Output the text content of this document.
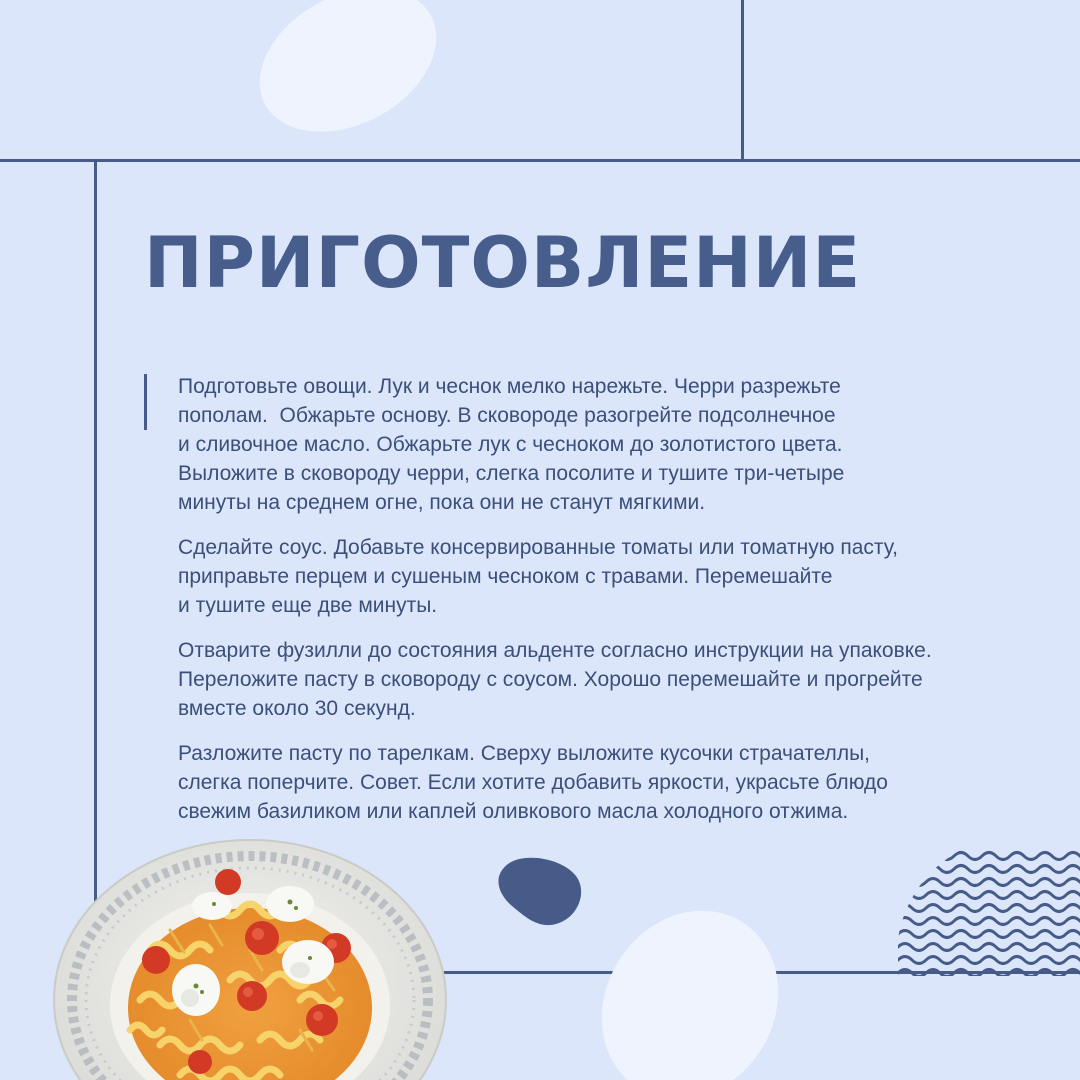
ПРИГОТОВЛЕНИЕ

Подготовьте овощи. Лук и чеснок мелко нарежьте. Черри разрежьте
пополам.  Обжарьте основу. В сковороде разогрейте подсолнечное
и сливочное масло. Обжарьте лук с чесноком до золотистого цвета.
Выложите в сковороду черри, слегка посолите и тушите три-четыре
минуты на среднем огне, пока они не станут мягкими.

Сделайте соус. Добавьте консервированные томаты или томатную пасту,
приправьте перцем и сушеным чесноком с травами. Перемешайте
и тушите еще две минуты.

Отварите фузилли до состояния альденте согласно инструкции на упаковке.
Переложите пасту в сковороду с соусом. Хорошо перемешайте и прогрейте
вместе около 30 секунд.

Разложите пасту по тарелкам. Сверху выложите кусочки страчателлы,
слегка поперчите. Совет. Если хотите добавить яркости, украсьте блюдо
свежим базиликом или каплей оливкового масла холодного отжима.
